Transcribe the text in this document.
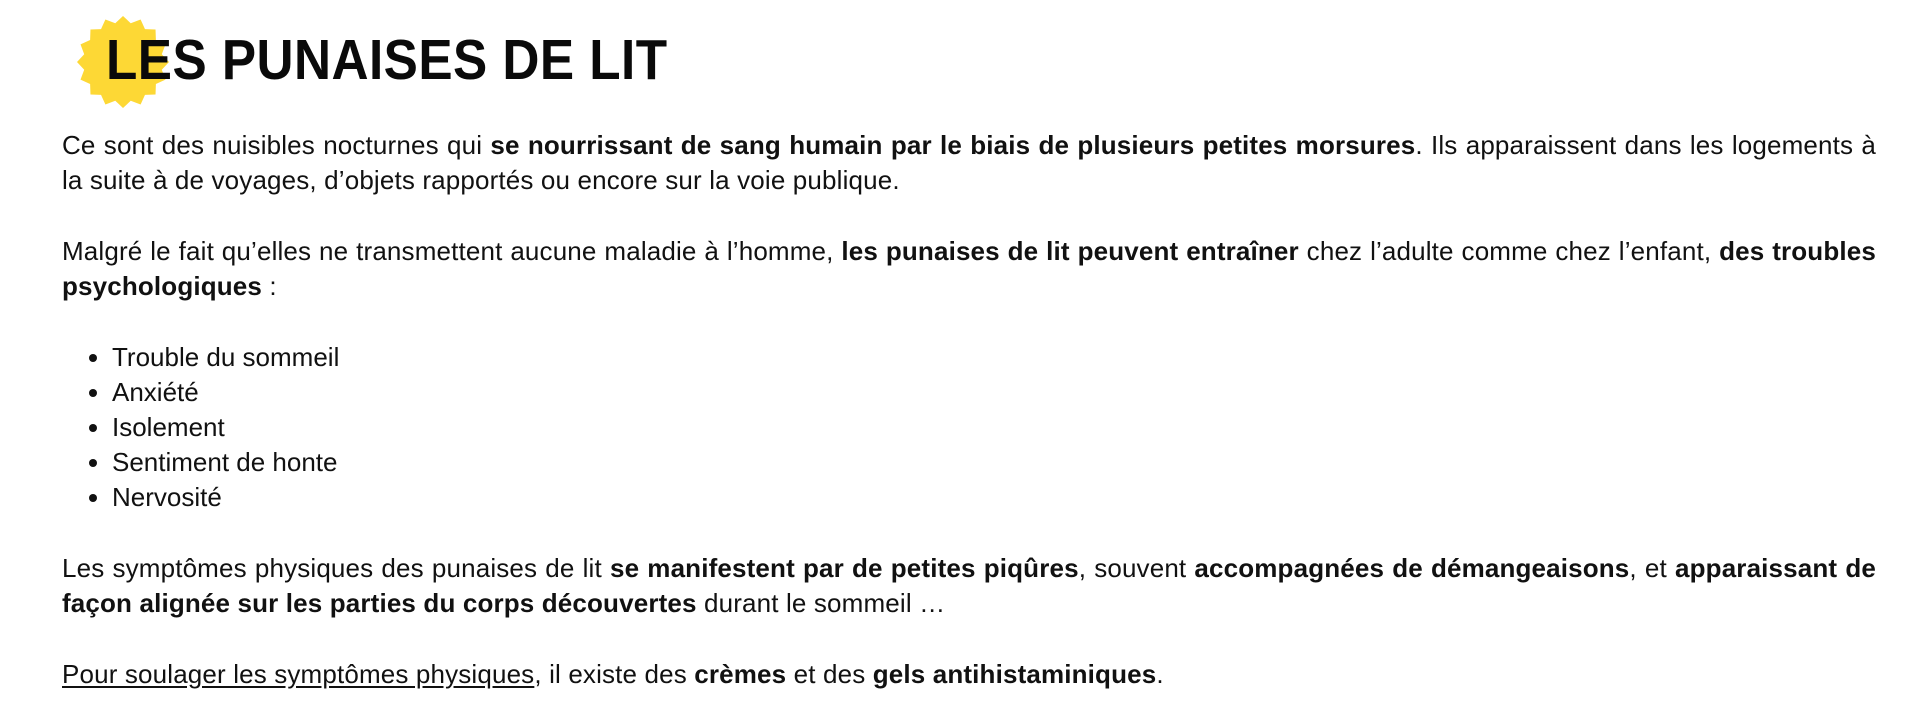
LES PUNAISES DE LIT

Ce sont des nuisibles nocturnes qui se nourrissant de sang humain par le biais de plusieurs petites morsures. Ils apparaissent dans les logements à la suite à de voyages, d’objets rapportés ou encore sur la voie publique.

Malgré le fait qu’elles ne transmettent aucune maladie à l’homme, les punaises de lit peuvent entraîner chez l’adulte comme chez l’enfant, des troubles psychologiques :

• Trouble du sommeil
• Anxiété
• Isolement
• Sentiment de honte
• Nervosité

Les symptômes physiques des punaises de lit se manifestent par de petites piqûres, souvent accompagnées de démangeaisons, et apparaissant de façon alignée sur les parties du corps découvertes durant le sommeil …

Pour soulager les symptômes physiques, il existe des crèmes et des gels antihistaminiques.
